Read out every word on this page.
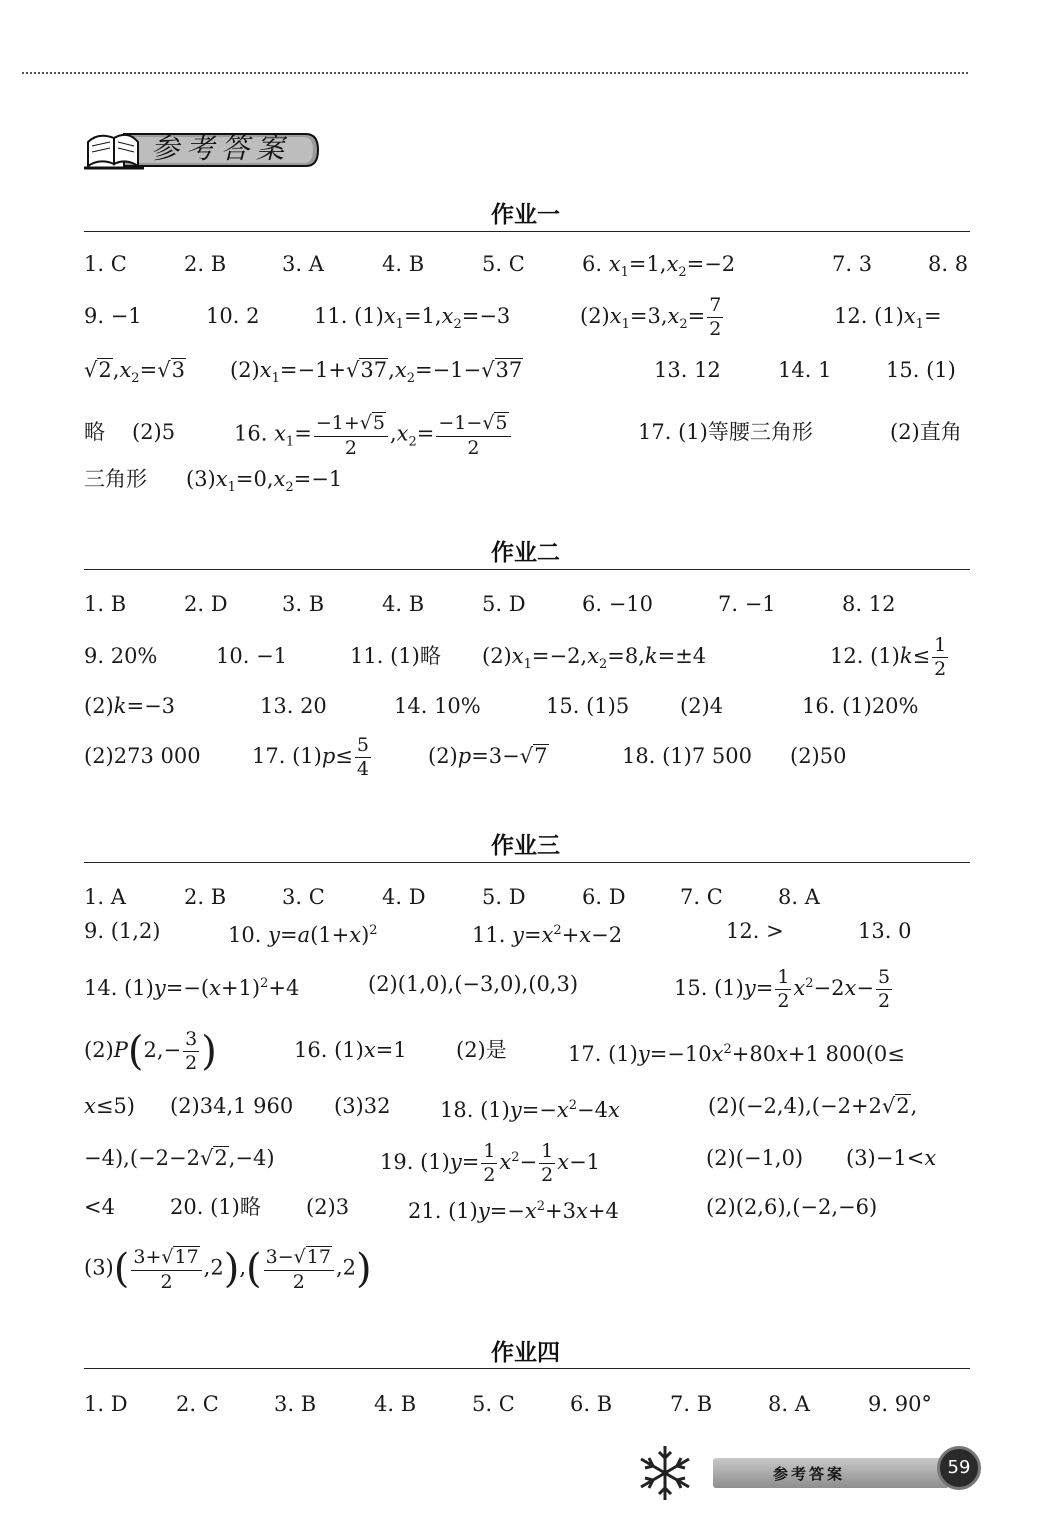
参考答案
作业一
1. C	2. B	3. A	4. B	5. C	6. $x_1=1,x_2=-2$	7. 3	8. 8
9. −1	10. 2	11. $(1)x_1=1,x_2=-3$	$(2)x_1=3,x_2= \frac{7}{2}$	12. $(1)x_1=$
$√2,x_2=√3$ $(2)x_1=-1+√37,x_2=-1-√37$	13. 12	14. 1	15. (1)
略 (2)5	16. $x_1= \frac{-1+√5}{2} ,x_2= \frac{-1-√5}{2}$	17. (1)等腰三角形	(2)直角
三角形 $(3)x_1=0,x_2=-1$
作业二
1. B	2. D	3. B	4. B	5. D	6. −10	7. −1	8. 12
9. 20%	10. −1	11. (1)略 $(2)x_1=-2,x_2=8,k=\pm 4$	12. $(1)k\le \frac{1}{2}$
(2)k=−3	13. 20	14. 10%	15. (1)5 (2)4	16. (1)20%
(2)273 000 17. $(1)p\le \frac{5}{4}$	(2)p=3−√7	18. (1)7 500 (2)50
作业三
1. A	2. B	3. C	4. D	5. D	6. D	7. C	8. A
9. (1,2)	10. $y=a(1+x)^2$	11. $y=x^2+x-2$	12. >	13. 0
14. $(1)y=-(x+1)^2+4$	(2)(1,0),(−3,0),(0,3)	15. $(1)y= \frac{1}{2} x^2-2x- \frac{5}{2}$
$(2)P(2,- \frac{3}{2}$ )	16. (1)x=1 (2)是	17. $(1)y=-10x^2+80x+1$ 800(0≤
x≤5) (2)34,1 960 (3)32 18. $(1)y=-x^2-4x$	(2)(−2,4),(−2+2√2,
−4),(−2−2√2,−4)	19. $(1)y= \frac{1}{2} x^2- \frac{1}{2} x-1$	(2)(−1,0) (3)−1<x
<4	20. (1)略 (2)3	21. $(1)y=-x^2+3x+4$	(2)(2,6),(−2,−6)
$(3)( \frac{3+√17}{2} ,2),( \frac{3-√17}{2} ,2)$
作业四
1. D 2. C	3. B	4. B	5. C	6. B	7. B	8. A	9. 90°
参考答案	59
